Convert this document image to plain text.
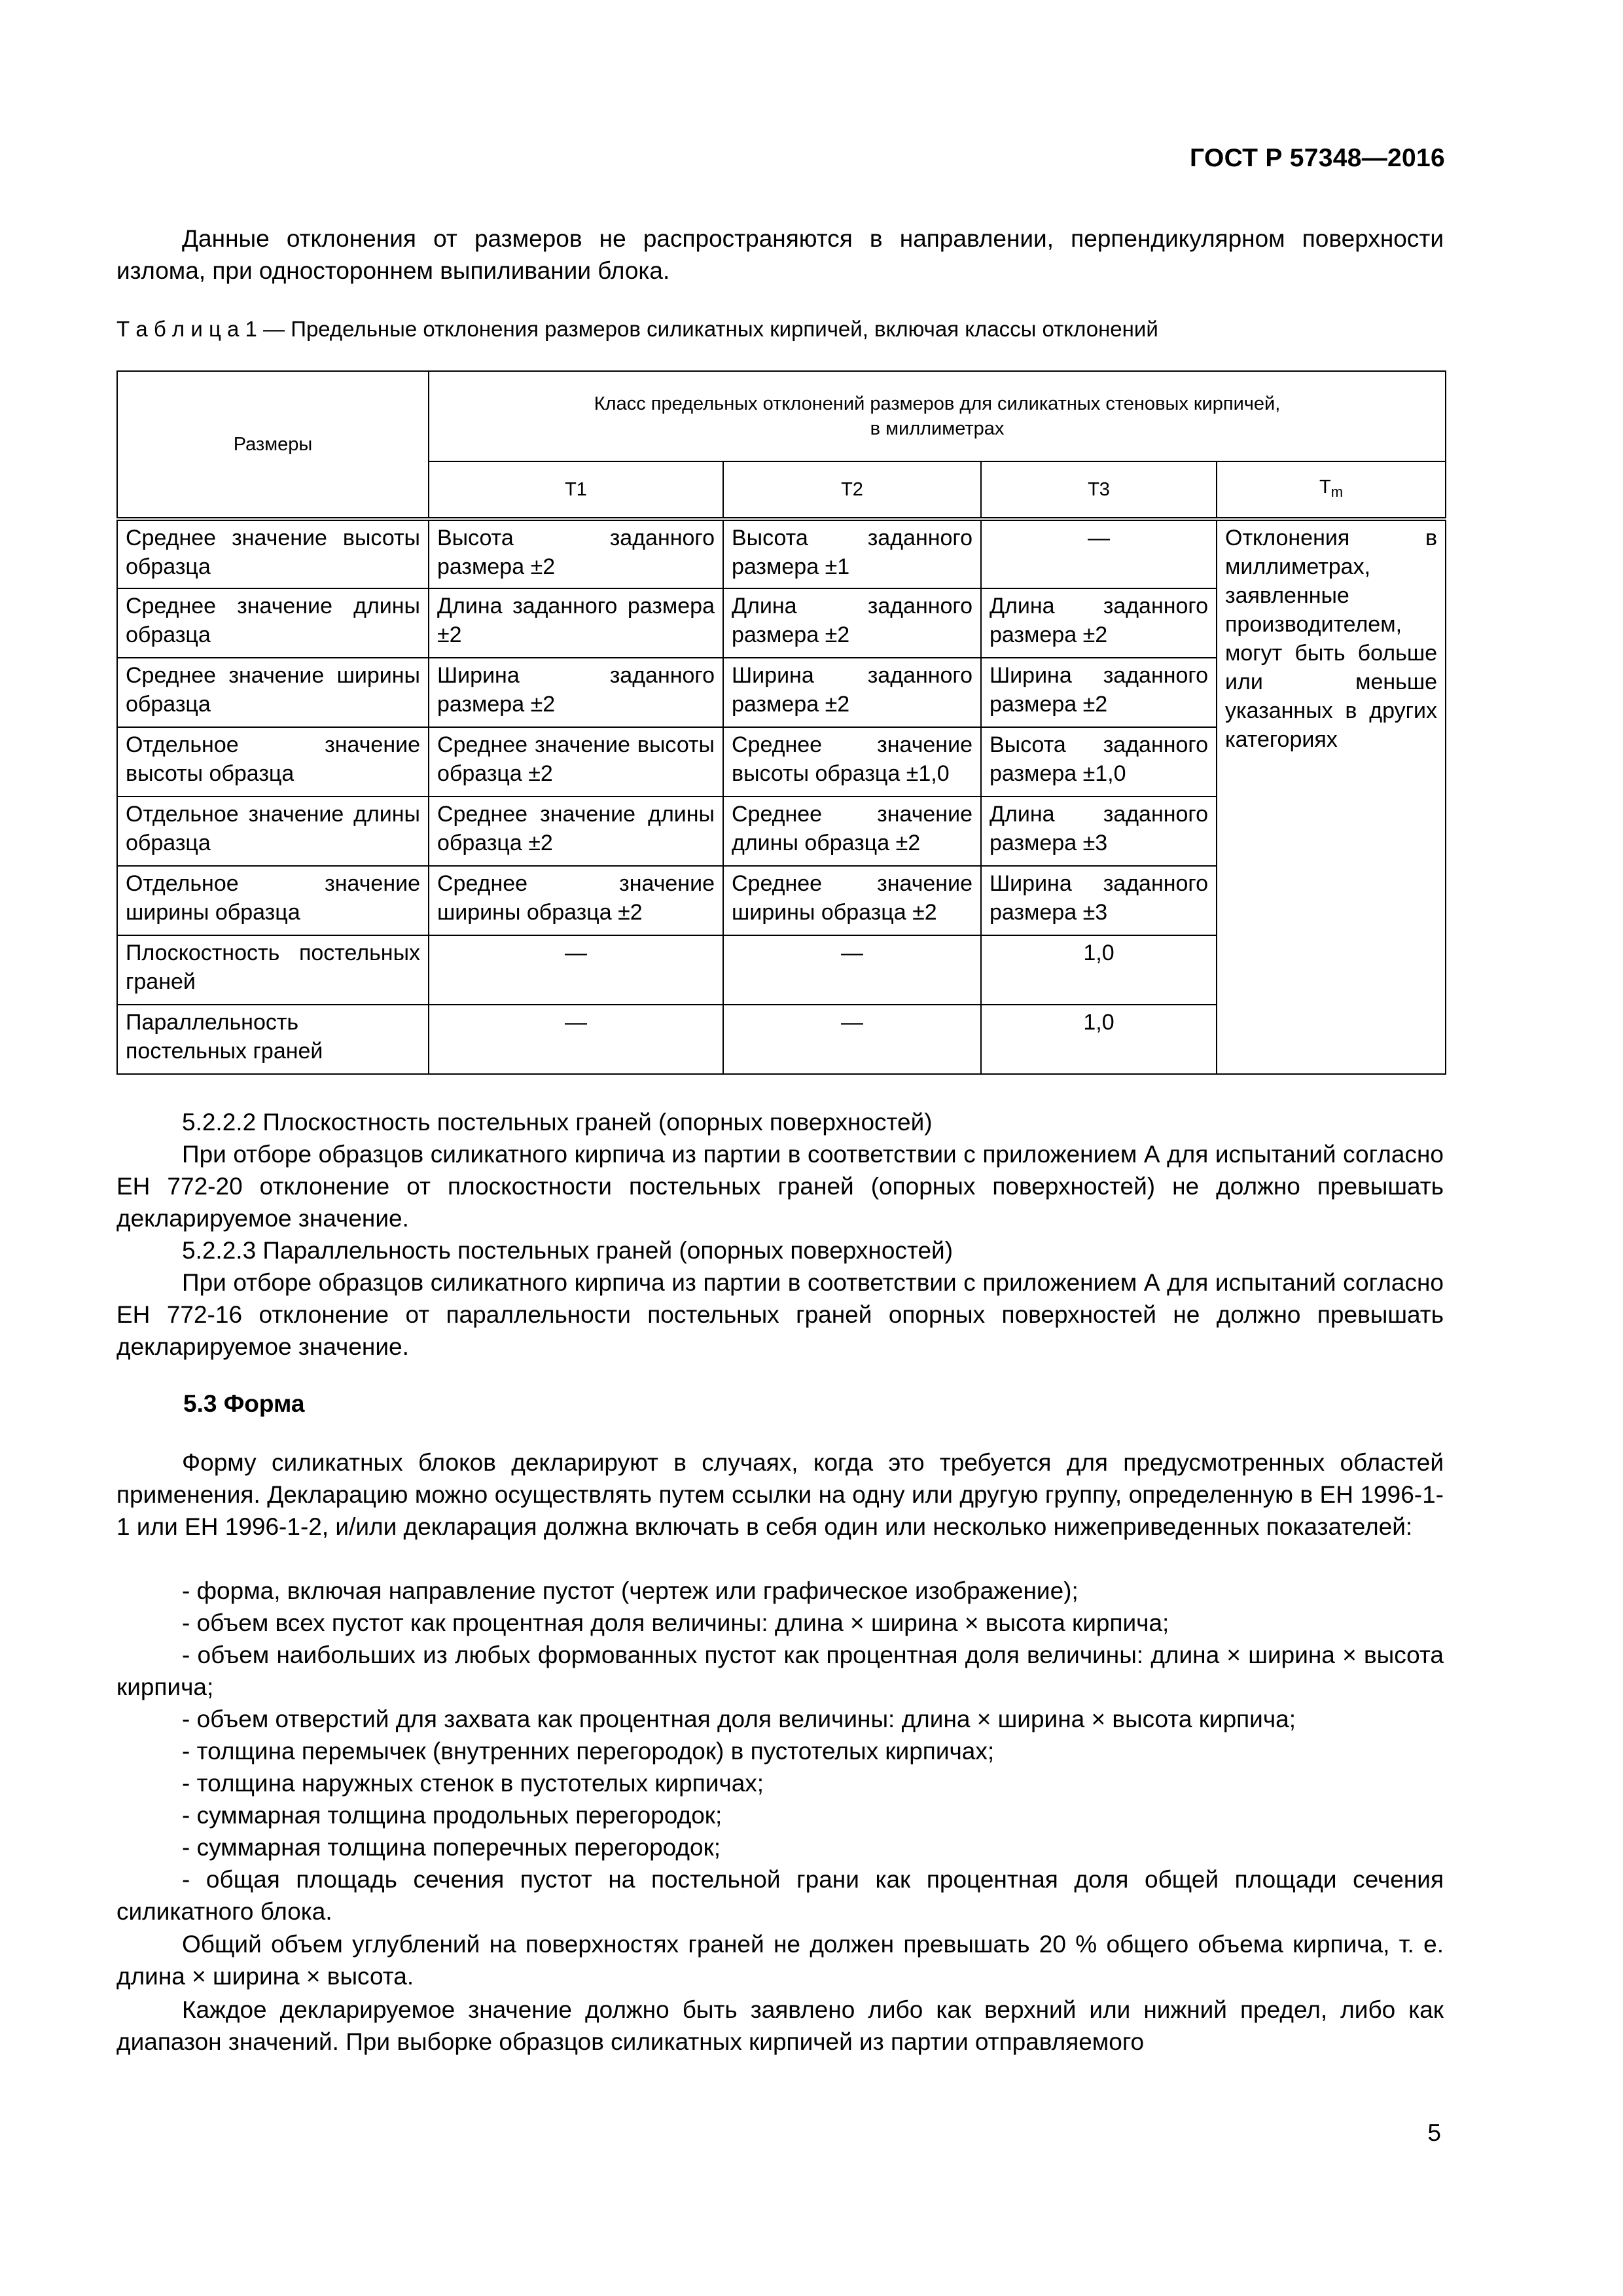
ГОСТ Р 57348—2016
Данные отклонения от размеров не распространяются в направлении, перпендикулярном поверхности излома, при одностороннем выпиливании блока.
Т а б л и ц а 1 — Предельные отклонения размеров силикатных кирпичей, включая классы отклонений
Размеры	Класс предельных отклонений размеров для силикатных стеновых кирпичей,
в миллиметрах			

	Т1	Т2	Т3	$Т_m$
Среднее значение высоты образца	Высота заданного размера ±2	Высота заданного размера ±1	—	Отклонения в миллиметрах, заявленные производителем, могут быть больше или меньше указанных в других категориях
Среднее значение длины образца	Длина заданного размера ±2	Длина заданного размера ±2	Длина заданного размера ±2	
Среднее значение ширины образца	Ширина заданного размера ±2	Ширина заданного размера ±2	Ширина заданного размера ±2	
Отдельное значение высоты образца	Среднее значение высоты образца ±2	Среднее значение высоты образца ±1,0	Высота заданного размера ±1,0	
Отдельное значение длины образца	Среднее значение длины образца ±2	Среднее значение длины образца ±2	Длина заданного размера ±3	
Отдельное значение ширины образца	Среднее значение ширины образца ±2	Среднее значение ширины образца ±2	Ширина заданного размера ±3	
Плоскостность постельных граней	—	—	1,0	
Параллельность постельных граней	—	—	1,0	
5.2.2.2 Плоскостность постельных граней (опорных поверхностей)
При отборе образцов силикатного кирпича из партии в соответствии с приложением А для испытаний согласно ЕН 772-20 отклонение от плоскостности постельных граней (опорных поверхностей) не должно превышать декларируемое значение.
5.2.2.3 Параллельность постельных граней (опорных поверхностей)
При отборе образцов силикатного кирпича из партии в соответствии с приложением А для испытаний согласно ЕН 772-16 отклонение от параллельности постельных граней опорных поверхностей не должно превышать декларируемое значение.
5.3 Форма
Форму силикатных блоков декларируют в случаях, когда это требуется для предусмотренных областей применения. Декларацию можно осуществлять путем ссылки на одну или другую группу, определенную в ЕН 1996-1-1 или ЕН 1996-1-2, и/или декларация должна включать в себя один или несколько нижеприведенных показателей:
- форма, включая направление пустот (чертеж или графическое изображение);
- объем всех пустот как процентная доля величины: длина × ширина × высота кирпича;
- объем наибольших из любых формованных пустот как процентная доля величины: длина × ширина × высота кирпича;
- объем отверстий для захвата как процентная доля величины: длина × ширина × высота кирпича;
- толщина перемычек (внутренних перегородок) в пустотелых кирпичах;
- толщина наружных стенок в пустотелых кирпичах;
- суммарная толщина продольных перегородок;
- суммарная толщина поперечных перегородок;
- общая площадь сечения пустот на постельной грани как процентная доля общей площади сечения силикатного блока.
Общий объем углублений на поверхностях граней не должен превышать 20 % общего объема кирпича, т. е. длина × ширина × высота.
Каждое декларируемое значение должно быть заявлено либо как верхний или нижний предел, либо как диапазон значений. При выборке образцов силикатных кирпичей из партии отправляемого
5
